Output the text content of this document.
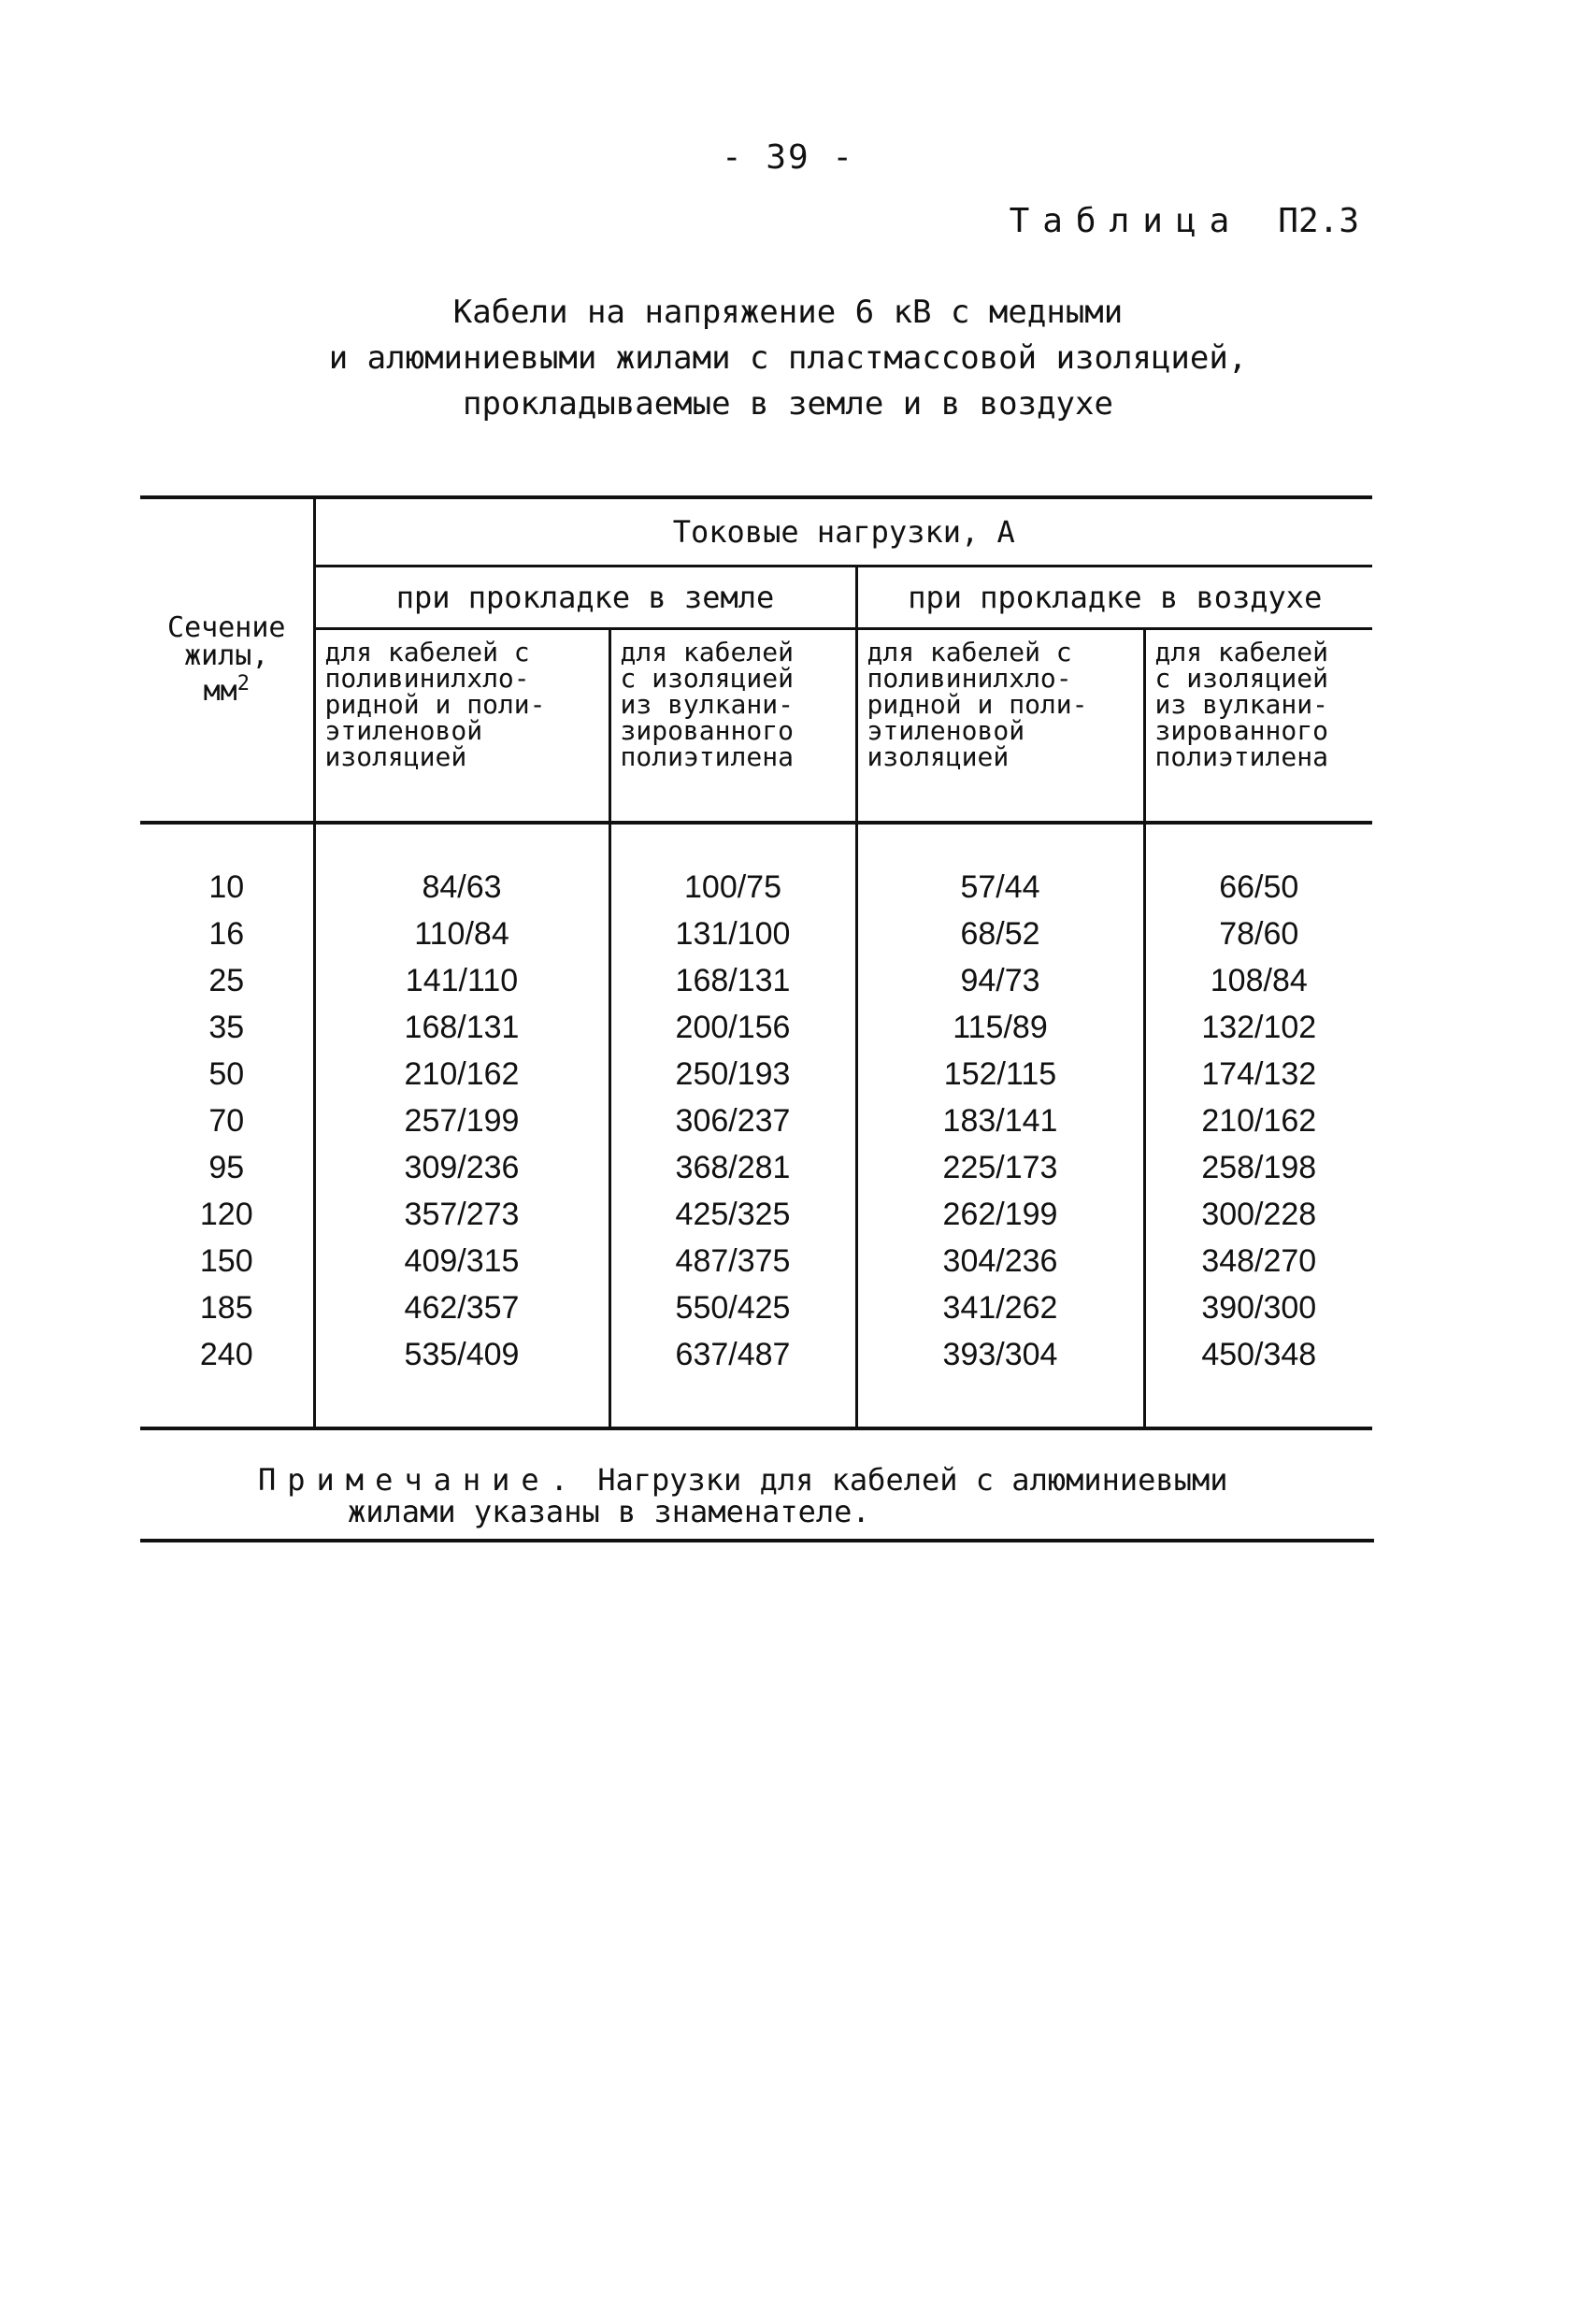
- 39 -
Таблица П2.3
Кабели на напряжение 6 кВ с медными
и алюминиевыми жилами с пластмассовой изоляцией,
прокладываемые в земле и в воздухе
Сечение
жилы,
$мм^2$	Токовые нагрузки, А			
	при прокладке в земле		при прокладке в воздухе	

	для кабелей с
поливинилхло-
ридной и поли-
этиленовой
изоляцией	для кабелей
с изоляцией
из вулкани-
зированного
полиэтилена	для кабелей с
поливинилхло-
ридной и поли-
этиленовой
изоляцией	для кабелей
с изоляцией
из вулкани-
зированного
полиэтилена

10	84/63	100/75	57/44	66/50
16	110/84	131/100	68/52	78/60
25	141/110	168/131	94/73	108/84
35	168/131	200/156	115/89	132/102
50	210/162	250/193	152/115	174/132
70	257/199	306/237	183/141	210/162
95	309/236	368/281	225/173	258/198
120	357/273	425/325	262/199	300/228
150	409/315	487/375	304/236	348/270
185	462/357	550/425	341/262	390/300
240	535/409	637/487	393/304	450/348
Примечание. Нагрузки для кабелей с алюминиевыми
жилами указаны в знаменателе.
